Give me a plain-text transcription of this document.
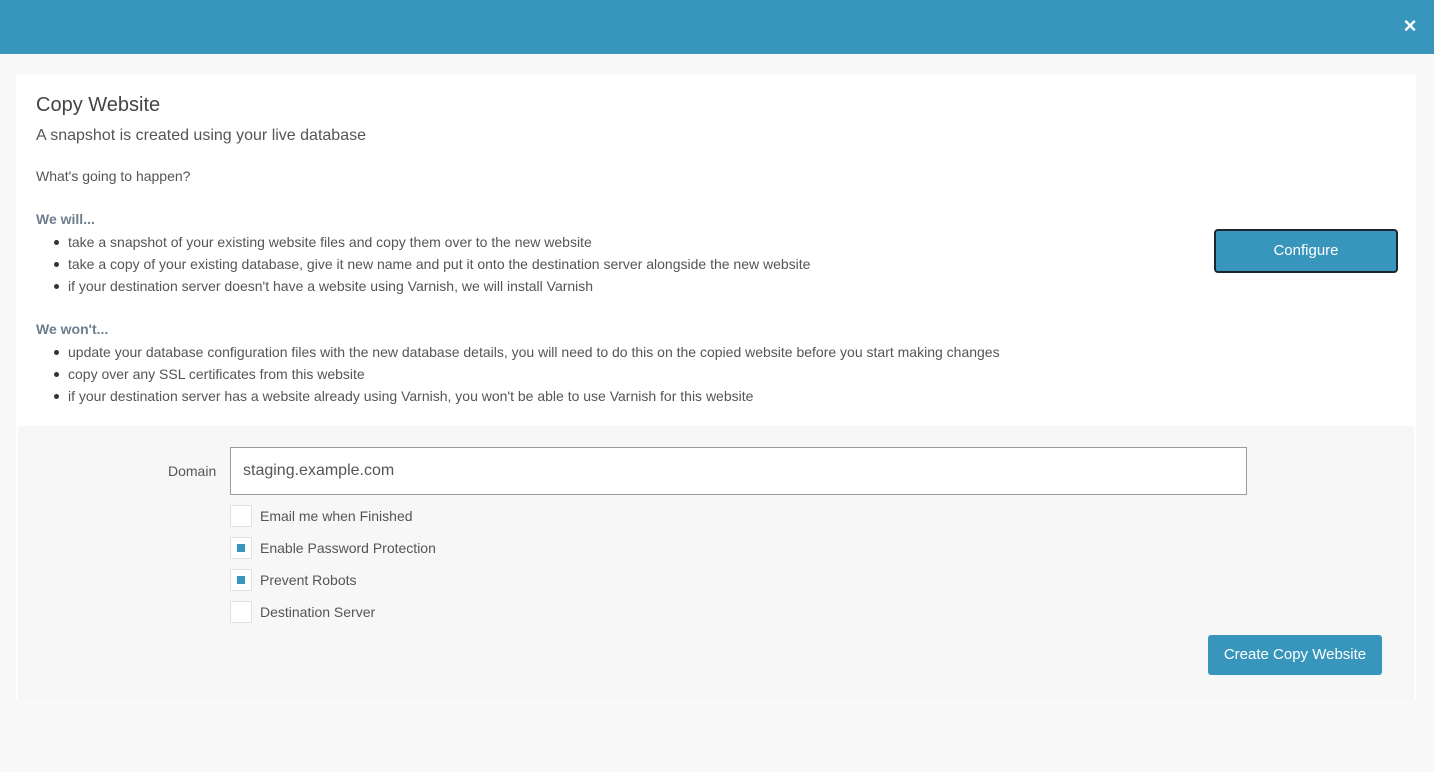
×
Copy Website
A snapshot is created using your live database
What's going to happen?
We will...
take a snapshot of your existing website files and copy them over to the new website
take a copy of your existing database, give it new name and put it onto the destination server alongside the new website
if your destination server doesn't have a website using Varnish, we will install Varnish
We won't...
update your database configuration files with the new database details, you will need to do this on the copied website before you start making changes
copy over any SSL certificates from this website
if your destination server has a website already using Varnish, you won't be able to use Varnish for this website
Configure
Domain
staging.example.com
Email me when Finished
Enable Password Protection
Prevent Robots
Destination Server
Create Copy Website
